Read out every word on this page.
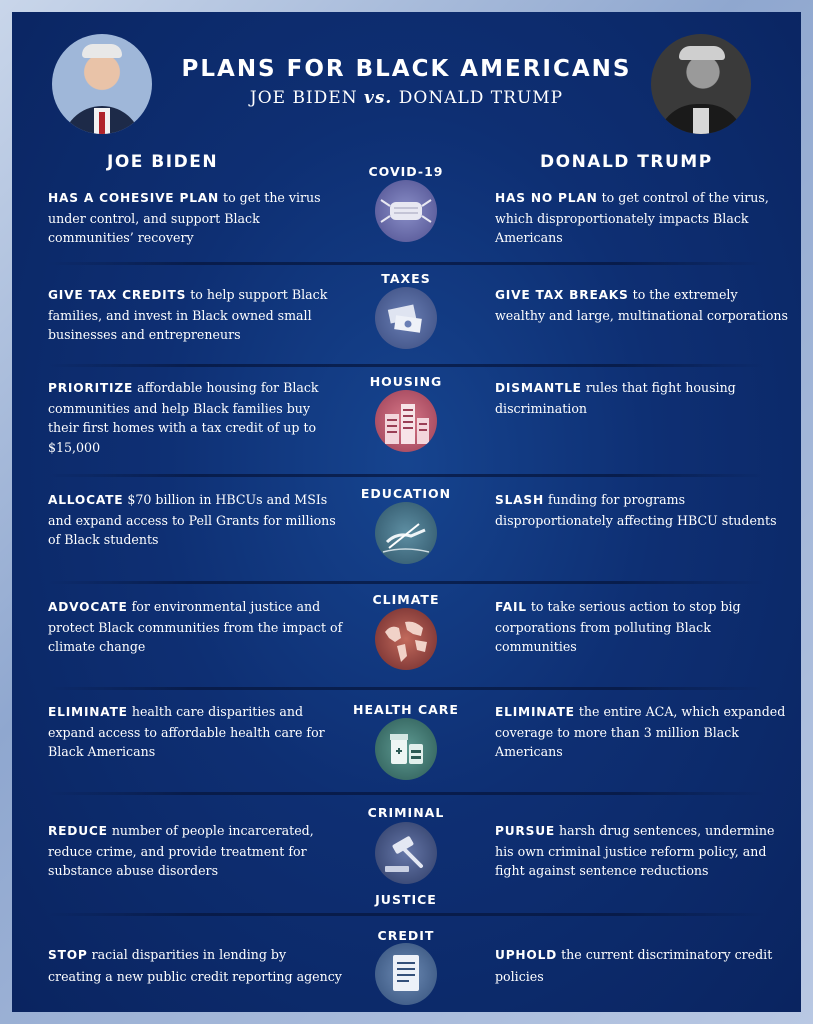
PLANS FOR BLACK AMERICANS
JOE BIDEN vs. DONALD TRUMP
JOE BIDEN	DONALD TRUMP
COVID-19
HAS A COHESIVE PLAN to get the virus under control, and support Black communities’ recovery
HAS NO PLAN to get control of the virus, which disproportionately impacts Black Americans
TAXES
GIVE TAX CREDITS to help support Black families, and invest in Black owned small businesses and entrepreneurs
GIVE TAX BREAKS to the extremely wealthy and large, multinational corporations
HOUSING
PRIORITIZE affordable housing for Black communities and help Black families buy their first homes with a tax credit of up to $15,000
DISMANTLE rules that fight housing discrimination
EDUCATION
ALLOCATE $70 billion in HBCUs and MSIs and expand access to Pell Grants for millions of Black students
SLASH funding for programs disproportionately affecting HBCU students
CLIMATE
ADVOCATE for environmental justice and protect Black communities from the impact of climate change
FAIL to take serious action to stop big corporations from polluting Black communities
HEALTH CARE
ELIMINATE health care disparities and expand access to affordable health care for Black Americans
ELIMINATE the entire ACA, which expanded coverage to more than 3 million Black Americans
CRIMINAL
JUSTICE
REDUCE number of people incarcerated, reduce crime, and provide treatment for substance abuse disorders
PURSUE harsh drug sentences, undermine his own criminal justice reform policy, and fight against sentence reductions
CREDIT
STOP racial disparities in lending by creating a new public credit reporting agency
UPHOLD the current discriminatory credit policies
